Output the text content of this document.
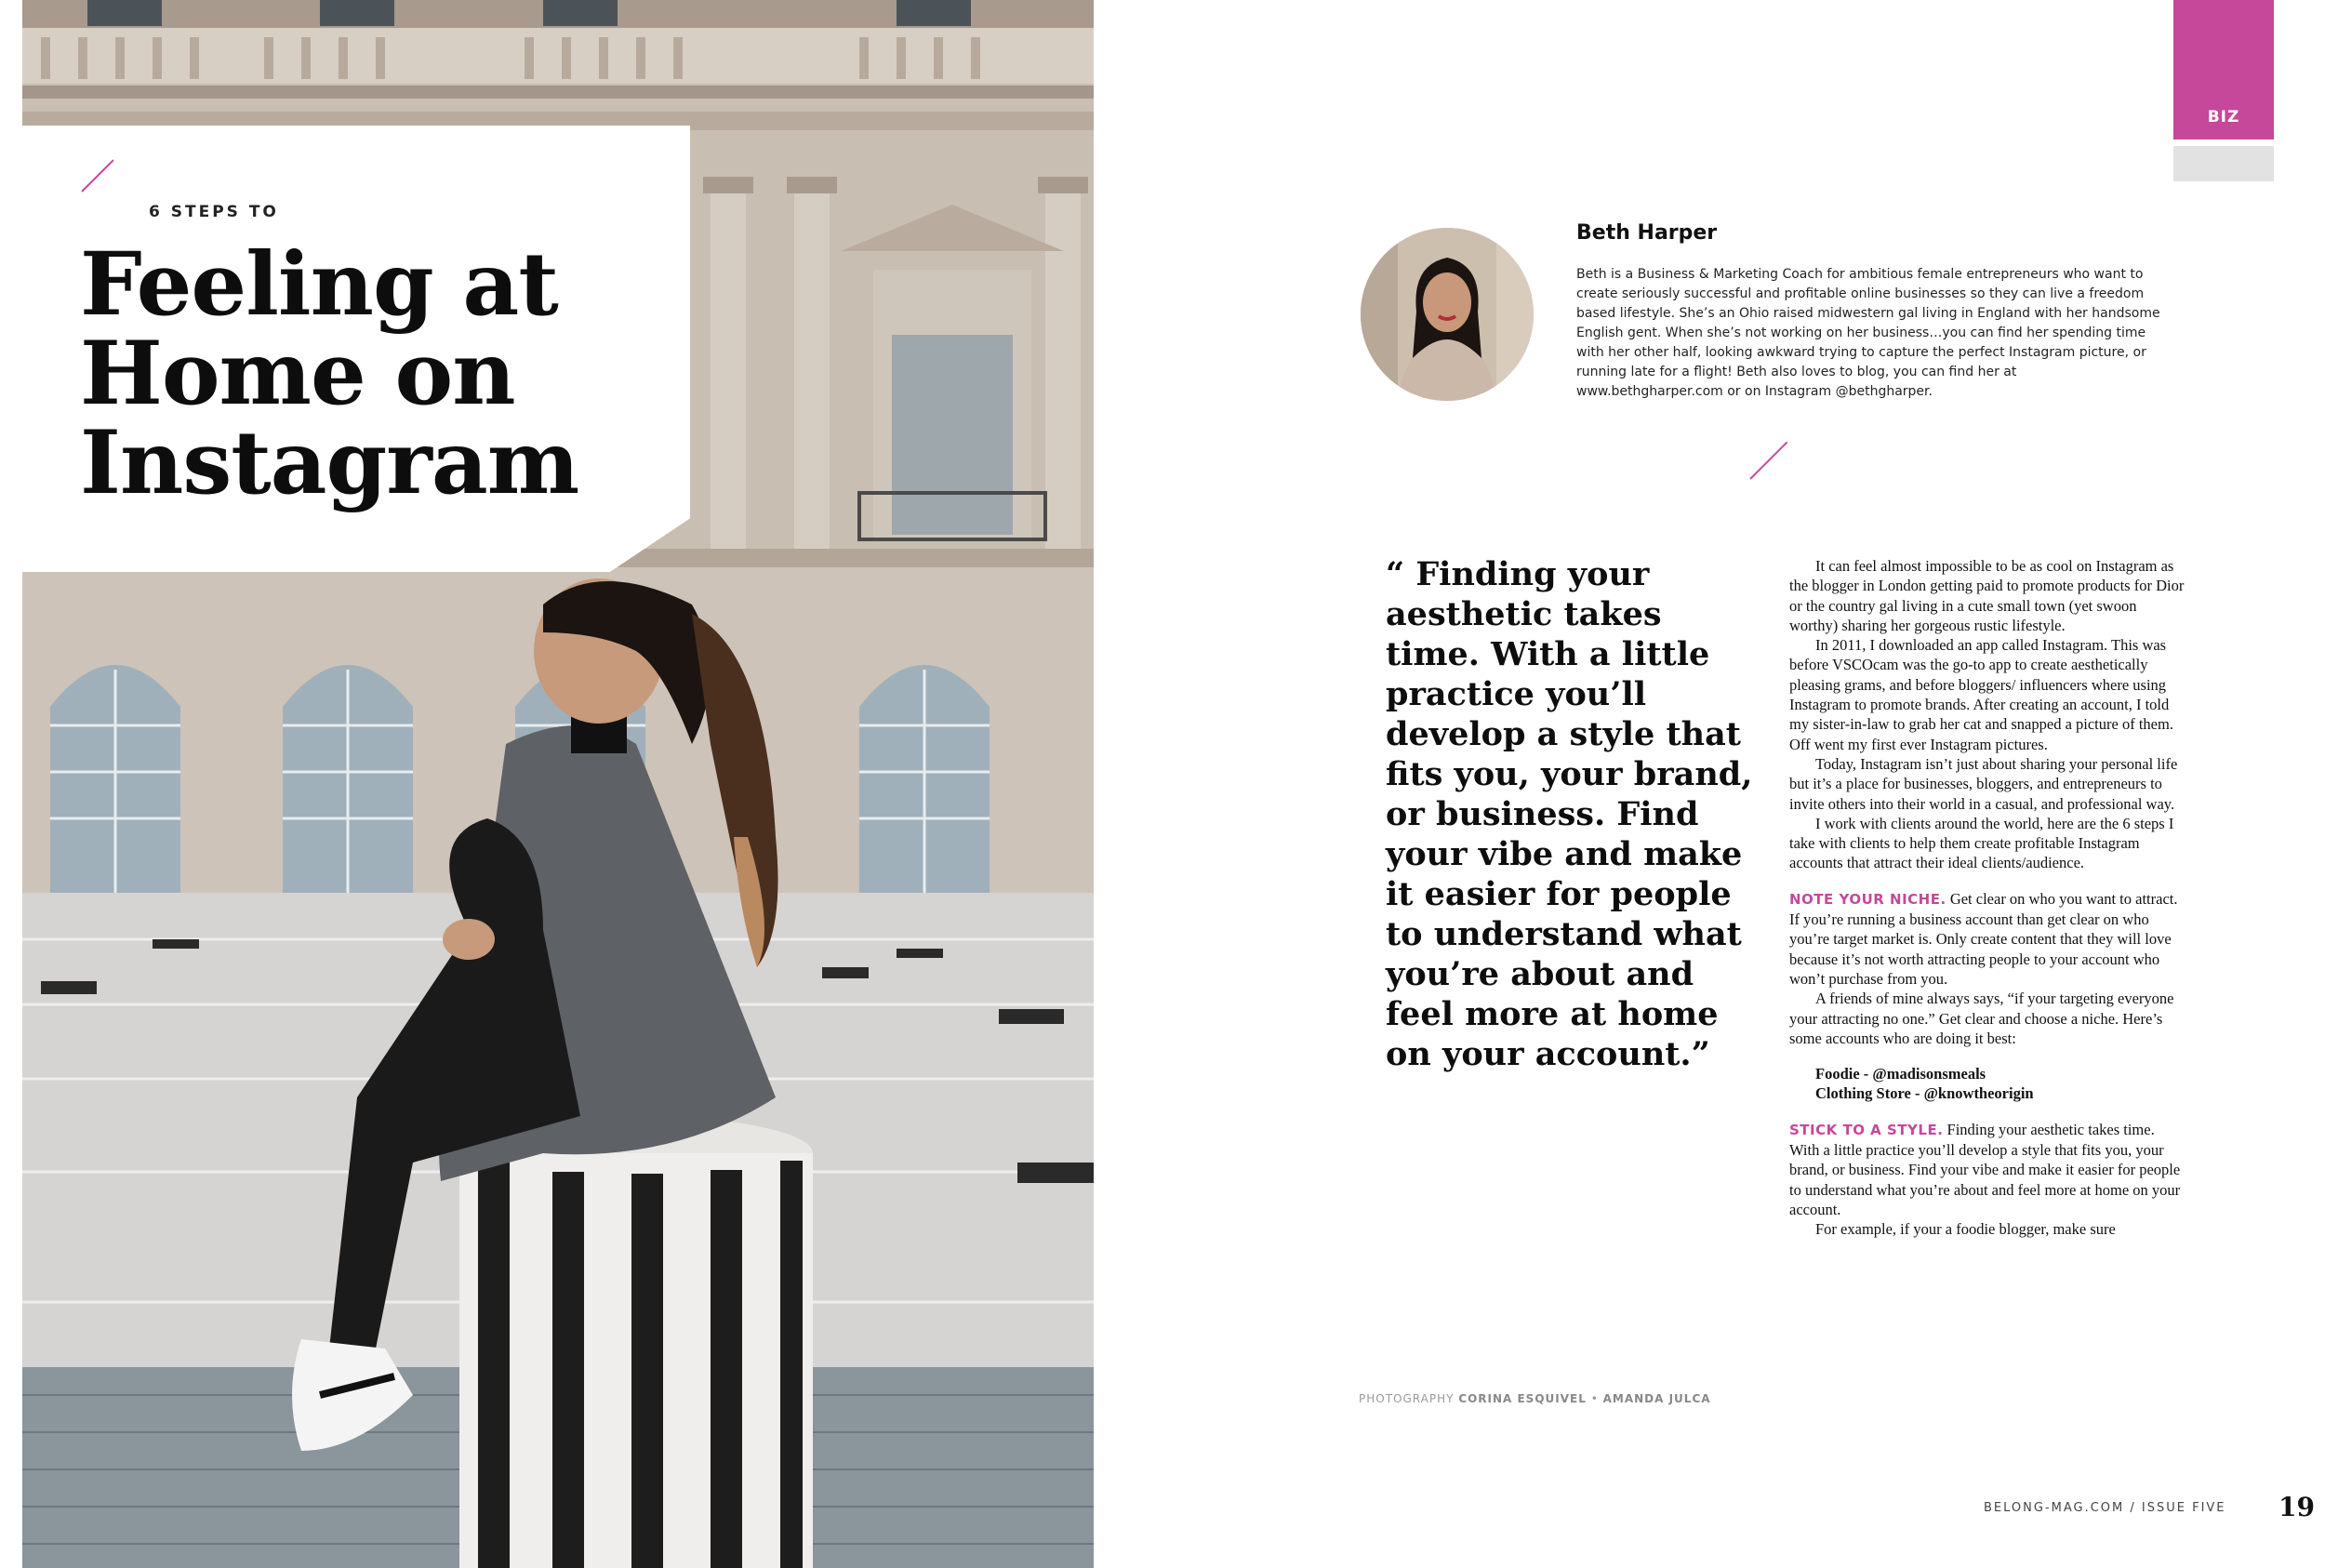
6 STEPS TO
Feeling at
Home on
Instagram
BIZ
Beth Harper

Beth is a Business & Marketing Coach for ambitious female entrepreneurs who want to create seriously successful and profitable online businesses so they can live a freedom based lifestyle. She’s an Ohio raised midwestern gal living in England with her handsome English gent. When she’s not working on her business…you can find her spending time with her other half, looking awkward trying to capture the perfect Instagram picture, or running late for a flight! Beth also loves to blog, you can find her at www.bethgharper.com or on Instagram @bethgharper.

“ Finding your aesthetic takes time. With a little practice you’ll develop a style that fits you, your brand, or business. Find your vibe and make it easier for people to understand what you’re about and feel more at home on your account.”

It can feel almost impossible to be as cool on Instagram as the blogger in London getting paid to promote products for Dior or the country gal living in a cute small town (yet swoon worthy) sharing her gorgeous rustic lifestyle.

In 2011, I downloaded an app called Instagram. This was before VSCOcam was the go-to app to create aesthetically pleasing grams, and before bloggers/ influencers where using Instagram to promote brands. After creating an account, I told my sister-in-law to grab her cat and snapped a picture of them. Off went my first ever Instagram pictures.

Today, Instagram isn’t just about sharing your personal life but it’s a place for businesses, bloggers, and entrepreneurs to invite others into their world in a casual, and professional way.

I work with clients around the world, here are the 6 steps I take with clients to help them create profitable Instagram accounts that attract their ideal clients/audience.

NOTE YOUR NICHE. Get clear on who you want to attract. If you’re running a business account than get clear on who you’re target market is. Only create content that they will love because it’s not worth attracting people to your account who won’t purchase from you.

A friends of mine always says, “if your targeting everyone your attracting no one.” Get clear and choose a niche. Here’s some accounts who are doing it best:

Foodie - @madisonsmeals

Clothing Store - @knowtheorigin

STICK TO A STYLE. Finding your aesthetic takes time. With a little practice you’ll develop a style that fits you, your brand, or business. Find your vibe and make it easier for people to understand what you’re about and feel more at home on your account.

For example, if your a foodie blogger, make sure

PHOTOGRAPHY CORINA ESQUIVEL • AMANDA JULCA
BELONG-MAG.COM / ISSUE FIVE 19
